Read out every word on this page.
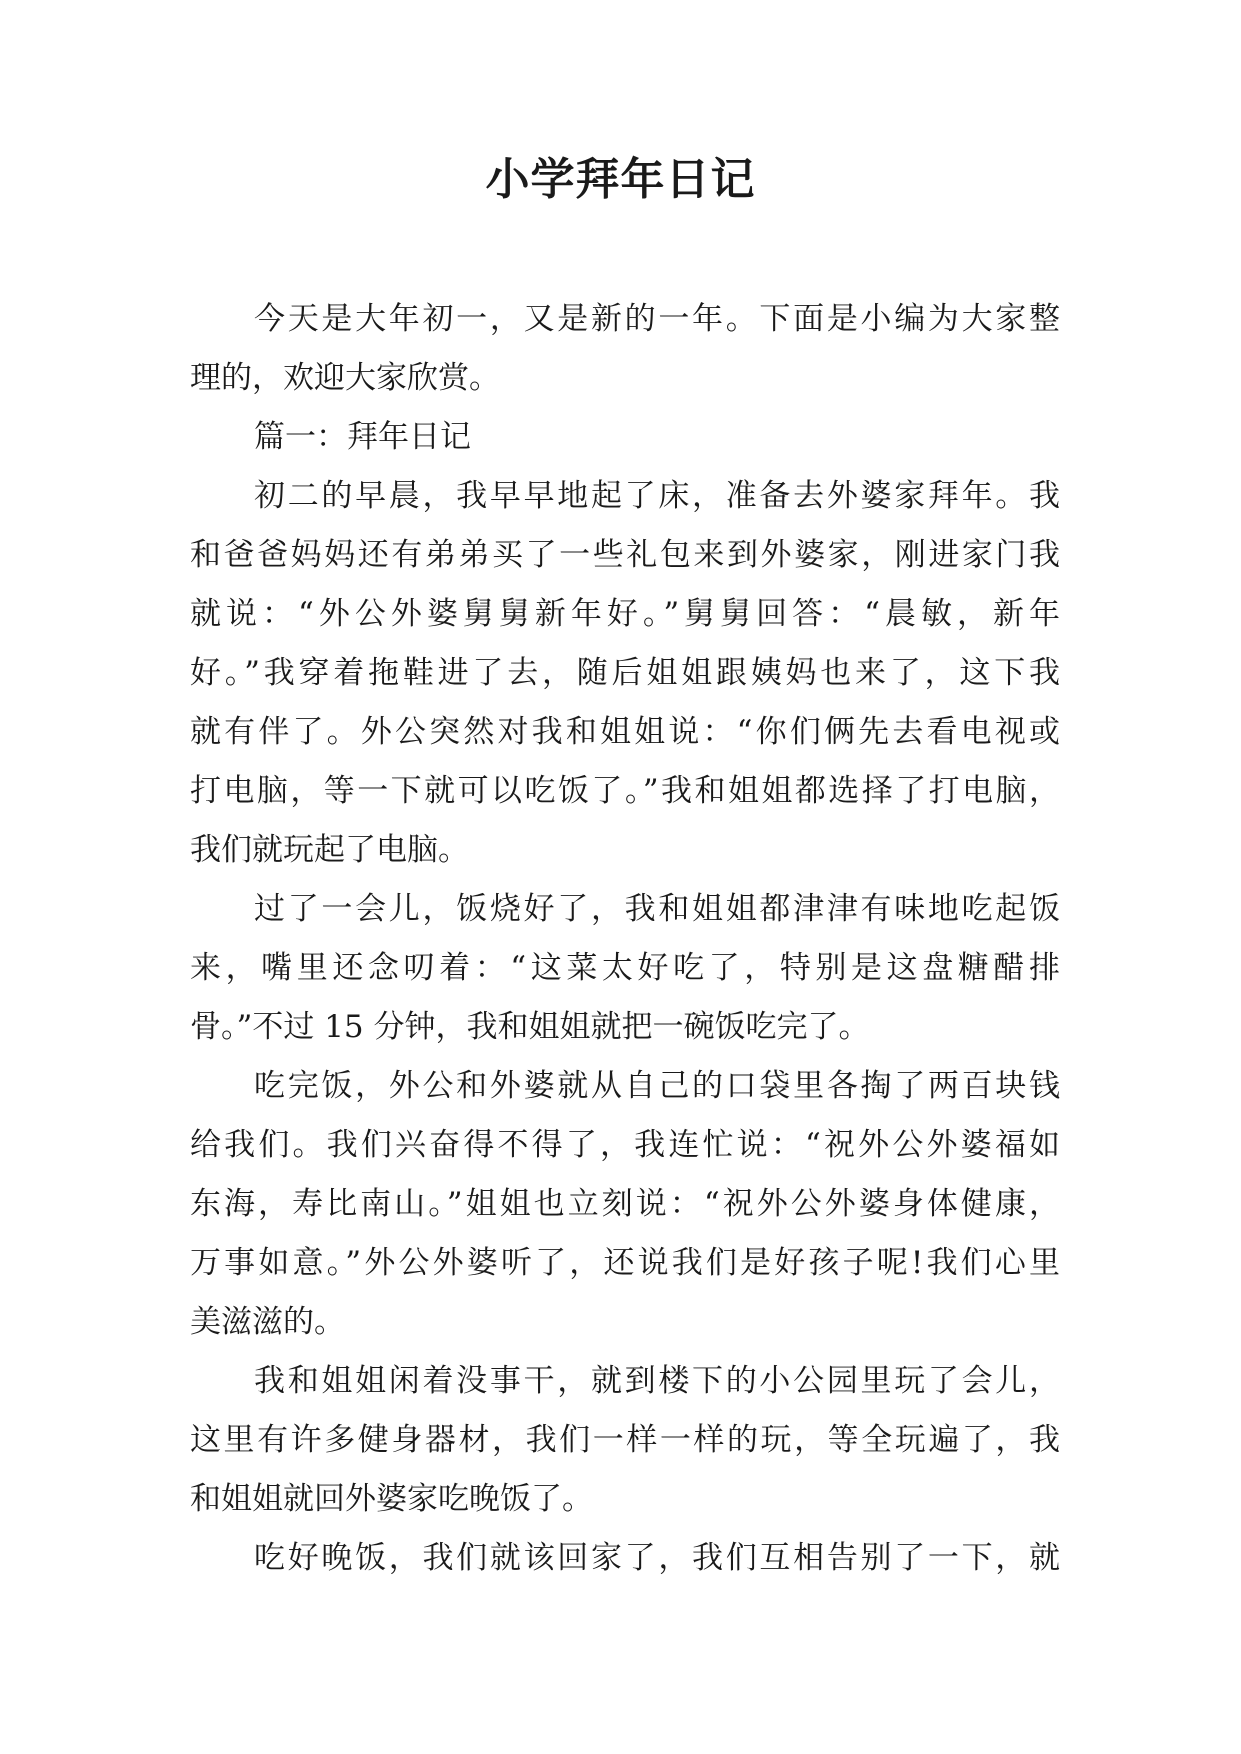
小学拜年日记
今天是大年初一，又是新的一年。下面是小编为大家整
理的，欢迎大家欣赏。
篇一：拜年日记
初二的早晨，我早早地起了床，准备去外婆家拜年。我
和爸爸妈妈还有弟弟买了一些礼包来到外婆家，刚进家门我
就说：“外公外婆舅舅新年好。”舅舅回答：“晨敏，新年
好。”我穿着拖鞋进了去，随后姐姐跟姨妈也来了，这下我
就有伴了。外公突然对我和姐姐说：“你们俩先去看电视或
打电脑，等一下就可以吃饭了。”我和姐姐都选择了打电脑，
我们就玩起了电脑。
过了一会儿，饭烧好了，我和姐姐都津津有味地吃起饭
来，嘴里还念叨着：“这菜太好吃了，特别是这盘糖醋排
骨。”不过 15 分钟，我和姐姐就把一碗饭吃完了。
吃完饭，外公和外婆就从自己的口袋里各掏了两百块钱
给我们。我们兴奋得不得了，我连忙说：“祝外公外婆福如
东海，寿比南山。”姐姐也立刻说：“祝外公外婆身体健康，
万事如意。”外公外婆听了，还说我们是好孩子呢!我们心里
美滋滋的。
我和姐姐闲着没事干，就到楼下的小公园里玩了会儿，
这里有许多健身器材，我们一样一样的玩，等全玩遍了，我
和姐姐就回外婆家吃晚饭了。
吃好晚饭，我们就该回家了，我们互相告别了一下，就
